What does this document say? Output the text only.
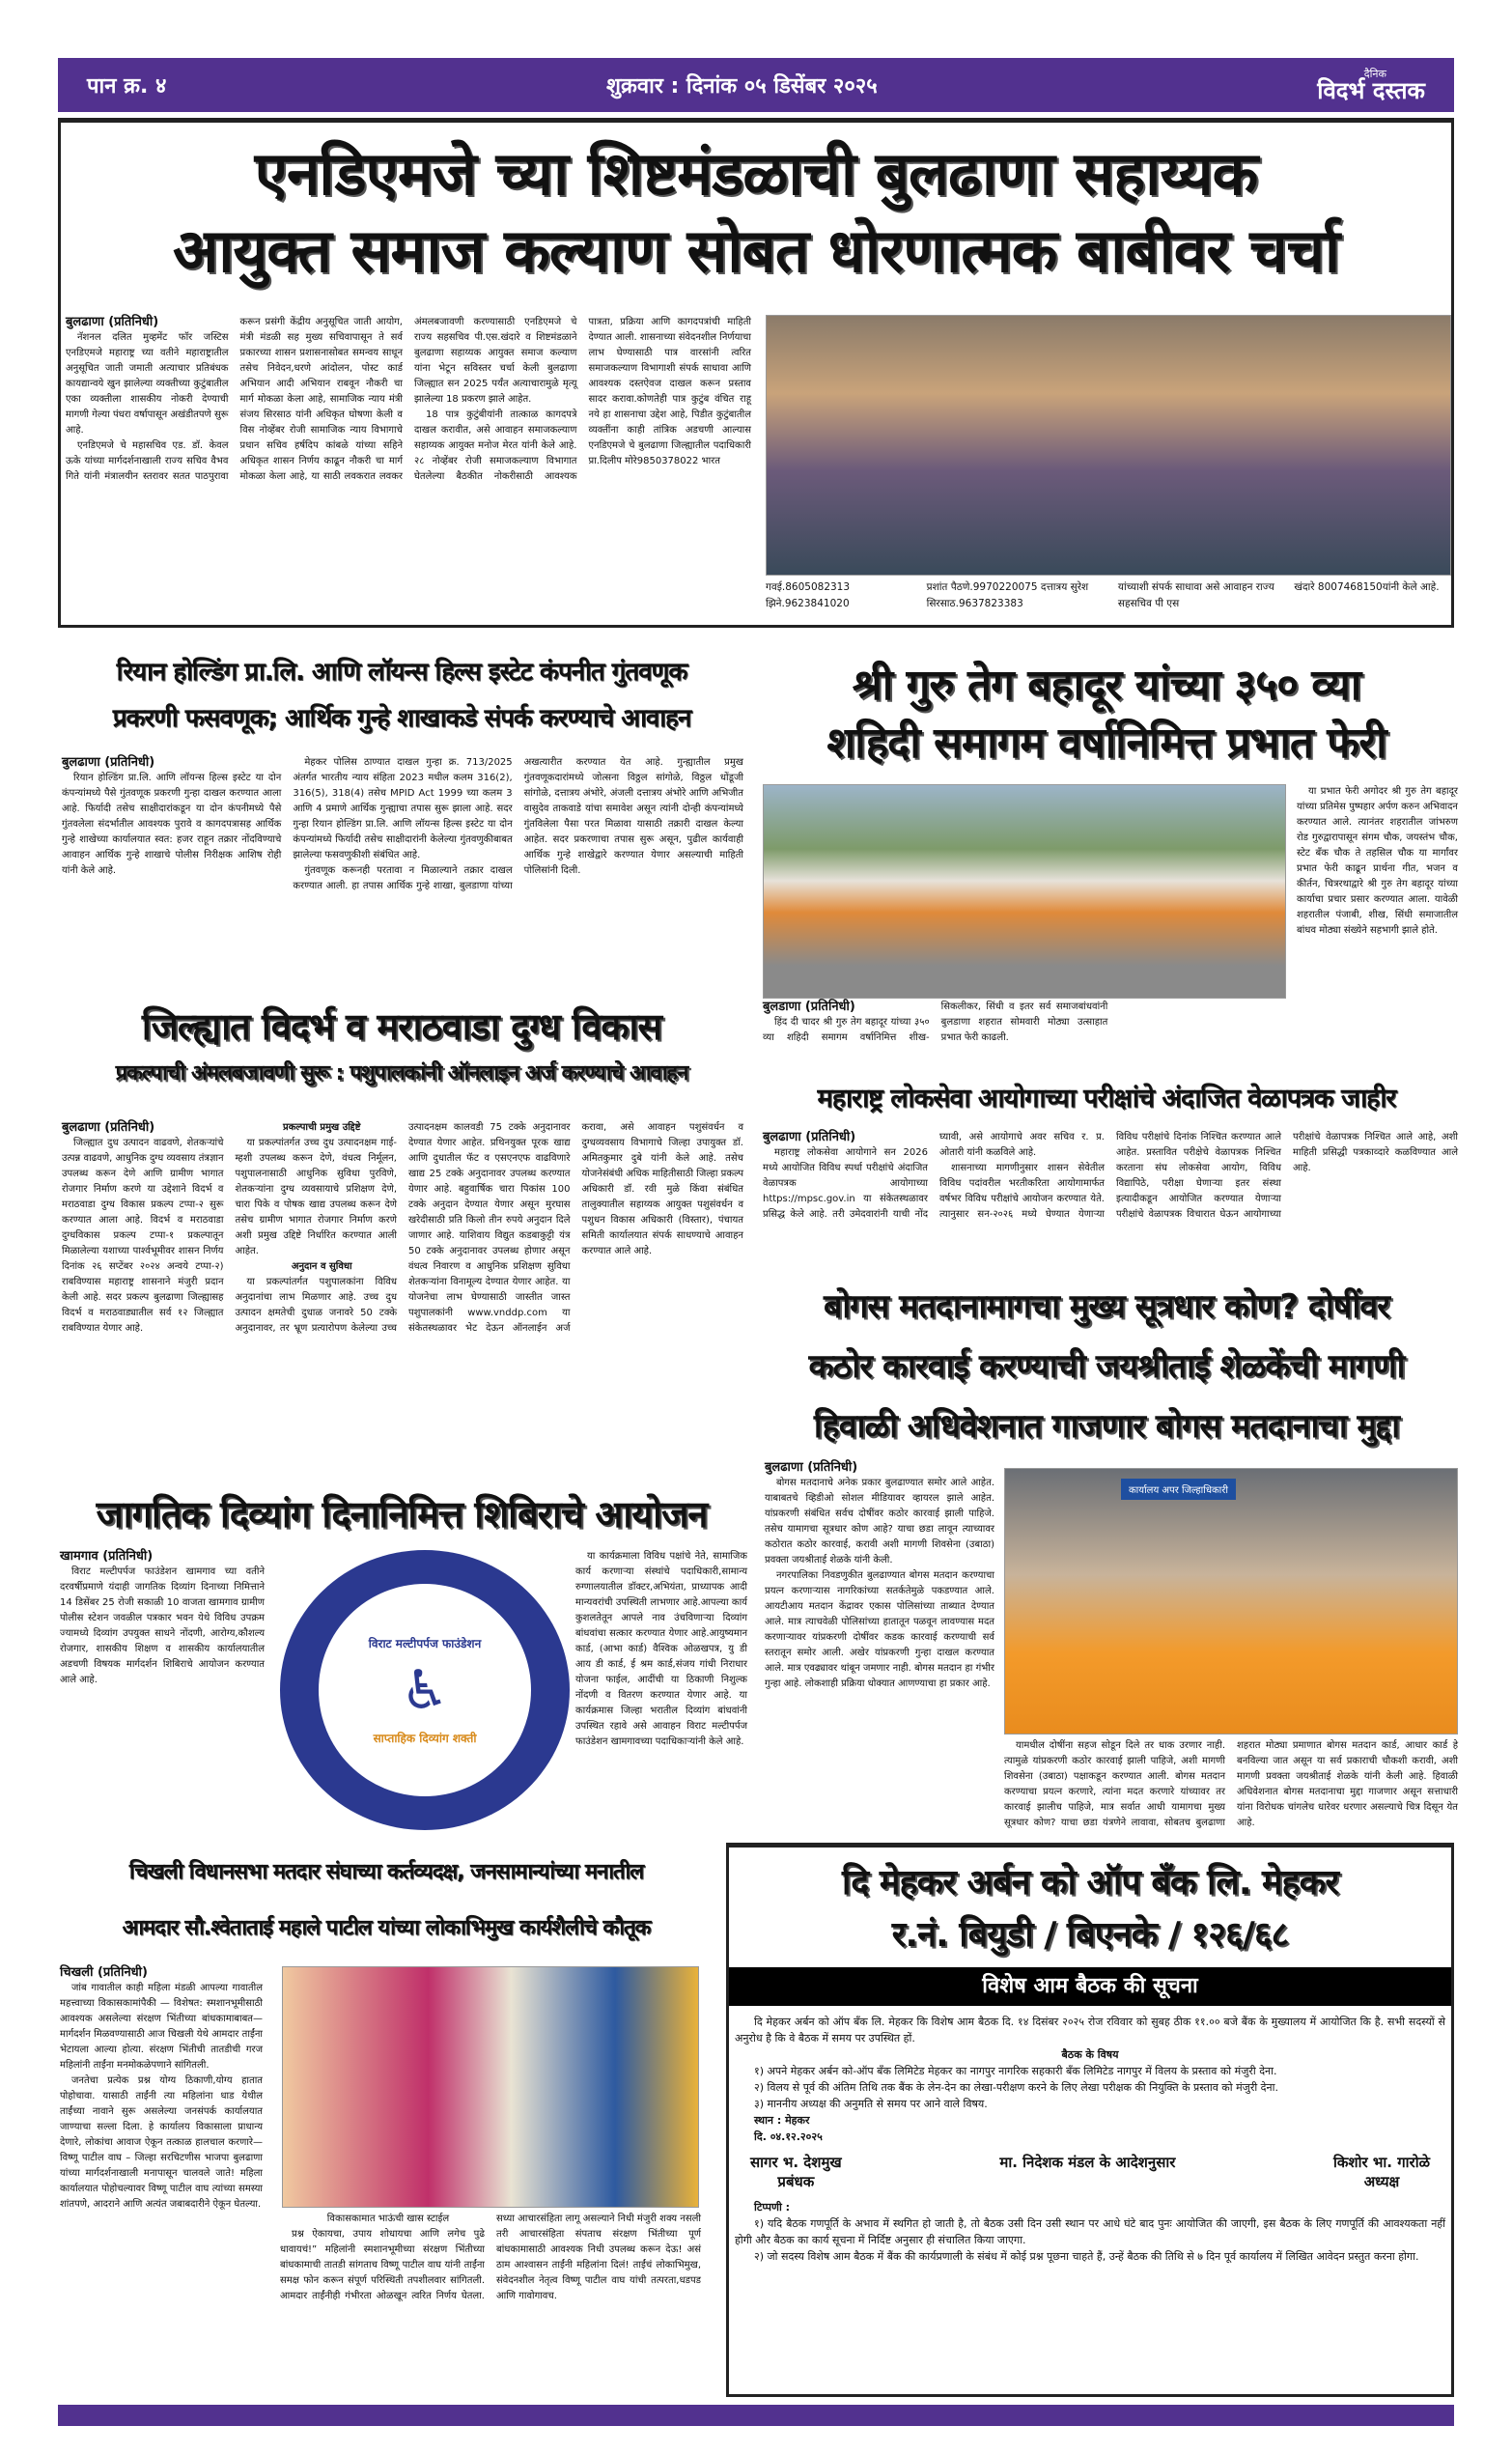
पान क्र. ४	शुक्रवार : दिनांक ०५ डिसेंबर २०२५
दैनिक
विदर्भ दस्तक
एनडिएमजे च्या शिष्टमंडळाची बुलढाणा सहाय्यक
आयुक्त समाज कल्याण सोबत धोरणात्मक बाबीवर चर्चा

बुलढाणा (प्रतिनिधी)

नॅशनल दलित मुव्हमेंट फॉर जस्टिस एनडिएमजे महाराष्ट्र च्या वतीने महाराष्ट्रातील अनुसूचित जाती जमाती अत्याचार प्रतिबंधक कायद्यान्वये खुन झालेल्या व्यक्तीच्या कुटुंबातील एका व्यक्तीला शासकीय नोकरी देण्याची मागणी गेल्या पंधरा वर्षापासून अखंडीतपणे सुरू आहे.

एनडिएमजे चे महासचिव एड. डॉ. केवल ऊके यांच्या मार्गदर्शनाखाली राज्य सचिव वैभव गिते यांनी मंत्रालयीन स्तरावर सतत पाठपुरावा करून प्रसंगी केंद्रीय अनुसूचित जाती आयोग, मंत्री मंडळी सह मुख्य सचिवापासून ते सर्व प्रकारच्या शासन प्रशासनासोबत समन्वय साधून तसेच निवेदन,धरणे आंदोलन, पोस्ट कार्ड अभियान आदी अभियान राबवून नौकरी चा मार्ग मोकळा केला आहे, सामाजिक न्याय मंत्री संजय सिरसाठ यांनी अधिकृत घोषणा केली व विस नोव्हेंबर रोजी सामाजिक न्याय विभागाचे प्रधान सचिव हर्षदिप कांबळे यांच्या सहिने अधिकृत शासन निर्णय काढून नौकरी चा मार्ग मोकळा केला आहे, या साठी लवकरात लवकर अंमलबजावणी करण्यासाठी एनडिएमजे चे राज्य सहसचिव पी.एस.खंदारे व शिष्टमंडळाने बुलढाणा सहाय्यक आयुक्त समाज कल्याण यांना भेटून सविस्तर चर्चा केली बुलढाणा जिल्ह्यात सन 2025 पर्यंत अत्याचारामुळे मृत्यू झालेल्या 18 प्रकरण झाले आहेत.

18 पात्र कुटुंबीयांनी तात्काळ कागदपत्रे दाखल करावीत, असे आवाहन समाजकल्याण सहाय्यक आयुक्त मनोज मेरत यांनी केले आहे. २८ नोव्हेंबर रोजी समाजकल्याण विभागात घेतलेल्या बैठकीत नोकरीसाठी आवश्यक पात्रता, प्रक्रिया आणि कागदपत्रांची माहिती देण्यात आली. शासनाच्या संवेदनशील निर्णयाचा लाभ घेण्यासाठी पात्र वारसांनी त्वरित समाजकल्याण विभागाशी संपर्क साधावा आणि आवश्यक दस्तऐवज दाखल करून प्रस्ताव सादर करावा.कोणतेही पात्र कुटुंब वंचित राहू नये हा शासनाचा उद्देश आहे, पिडीत कुटुंबातील व्यक्तींना काही तांत्रिक अडचणी आल्यास एनडिएमजे चे बुलढाणा जिल्ह्यातील पदाधिकारी प्रा.दिलीप मोरे9850378022 भारत

गवई.8605082313 झिने.9623841020
प्रशांत पैठणे.9970220075 दत्तात्रय सुरेश सिरसाठ.9637823383
यांच्याशी संपर्क साधावा असे आवाहन राज्य सहसचिव पी एस
खंदारे 8007468150यांनी केले आहे.
रियान होल्डिंग प्रा.लि. आणि लॉयन्स हिल्स इस्टेट कंपनीत गुंतवणूक
प्रकरणी फसवणूक; आर्थिक गुन्हे शाखाकडे संपर्क करण्याचे आवाहन

बुलढाणा (प्रतिनिधी)

रियान होल्डिंग प्रा.लि. आणि लॉयन्स हिल्स इस्टेट या दोन कंपन्यांमध्ये पैसे गुंतवणूक प्रकरणी गुन्हा दाखल करण्यात आला आहे. फिर्यादी तसेच साक्षीदारांकडून या दोन कंपनीमध्ये पैसे गुंतवलेला संदर्भातील आवश्यक पुरावे व कागदपत्रासह आर्थिक गुन्हे शाखेच्या कार्यालयात स्वत: हजर राहून तक्रार नोंदविण्याचे आवाहन आर्थिक गुन्हे शाखाचे पोलीस निरीक्षक आशिष रोही यांनी केले आहे.

मेहकर पोलिस ठाण्यात दाखल गुन्हा क्र. 713/2025 अंतर्गत भारतीय न्याय संहिता 2023 मधील कलम 316(2), 316(5), 318(4) तसेच MPID Act 1999 च्या कलम 3 आणि 4 प्रमाणे आर्थिक गुन्ह्याचा तपास सुरू झाला आहे. सदर गुन्हा रियान होल्डिंग प्रा.लि. आणि लॉयन्स हिल्स इस्टेट या दोन कंपन्यांमध्ये फिर्यादी तसेच साक्षीदारांनी केलेल्या गुंतवणुकीबाबत झालेल्या फसवणुकीशी संबंधित आहे.

गुंतवणूक करूनही परतावा न मिळाल्याने तक्रार दाखल करण्यात आली. हा तपास आर्थिक गुन्हे शाखा, बुलडाणा यांच्या अखत्यारीत करण्यात येत आहे. गुन्ह्यातील प्रमुख गुंतवणूकदारांमध्ये जोत्सना विठ्ठल सांगोळे, विठ्ठल धोंडूजी सांगोळे, दत्तात्रय अंभोरे, अंजली दत्तात्रय अंभोरे आणि अभिजीत वासुदेव ताकवाडे यांचा समावेश असून त्यांनी दोन्ही कंपन्यांमध्ये गुंतविलेला पैसा परत मिळावा यासाठी तक्रारी दाखल केल्या आहेत. सदर प्रकरणाचा तपास सुरू असून, पुढील कार्यवाही आर्थिक गुन्हे शाखेद्वारे करण्यात येणार असल्याची माहिती पोलिसांनी दिली.

श्री गुरु तेग बहादूर यांच्या ३५० व्या
शहिदी समागम वर्षानिमित्त प्रभात फेरी

बुलडाणा (प्रतिनिधी)

हिंद दी चादर श्री गुरु तेग बहादूर यांच्या ३५० व्या शहिदी समागम वर्षानिमित्त शीख-सिकलीकर, सिंधी व इतर सर्व समाजबांधवांनी बुलडाणा शहरात सोमवारी मोठ्या उत्साहात प्रभात फेरी काढली.

या प्रभात फेरी अगोदर श्री गुरु तेग बहादूर यांच्या प्रतिमेस पुष्पहार अर्पण करुन अभिवादन करण्यात आले. त्यानंतर शहरातील जांभरुण रोड गुरुद्वारापासून संगम चौक, जयस्तंभ चौक, स्टेट बँक चौक ते तहसिल चौक या मार्गांवर प्रभात फेरी काढून प्रार्थना गीत, भजन व कीर्तन, चित्ररथाद्वारे श्री गुरु तेग बहादूर यांच्या कार्याचा प्रचार प्रसार करण्यात आला. यावेळी शहरातील पंजाबी, शीख, सिंधी समाजातील बांधव मोठ्या संख्येने सहभागी झाले होते.

जिल्ह्यात विदर्भ व मराठवाडा दुग्ध विकास
प्रकल्पाची अंमलबजावणी सुरू : पशुपालकांनी ऑनलाइन अर्ज करण्याचे आवाहन

बुलढाणा (प्रतिनिधी)

जिल्ह्यात दुध उत्पादन वाढवणे, शेतकऱ्यांचे उत्पन्न वाढवणे, आधुनिक दुग्ध व्यवसाय तंत्रज्ञान उपलब्ध करून देणे आणि ग्रामीण भागात रोजगार निर्माण करणे या उद्देशाने विदर्भ व मराठवाडा दुग्ध विकास प्रकल्प टप्पा-२ सुरू करण्यात आला आहे. विदर्भ व मराठवाडा दुग्धविकास प्रकल्प टप्पा-१ प्रकल्पातून मिळालेल्या यशाच्या पार्श्वभूमीवर शासन निर्णय दिनांक २६ सप्टेंबर २०२४ अन्वये टप्पा-२) राबविण्यास महाराष्ट्र शासनाने मंजुरी प्रदान केली आहे. सदर प्रकल्प बुलढाणा जिल्ह्यासह विदर्भ व मराठवाड्यातील सर्व १२ जिल्ह्यात राबविण्यात येणार आहे.

प्रकल्पाची प्रमुख उद्दिष्टे

या प्रकल्पांतर्गत उच्च दुध उत्पादनक्षम गाई-म्हशी उपलब्ध करून देणे, वंधत्व निर्मूलन, पशुपालनासाठी आधुनिक सुविधा पुरविणे, शेतकऱ्यांना दुग्ध व्यवसायाचे प्रशिक्षण देणे, चारा पिके व पोषक खाद्य उपलब्ध करून देणे तसेच ग्रामीण भागात रोजगार निर्माण करणे अशी प्रमुख उद्दिष्टे निर्धारित करण्यात आली आहेत.

अनुदान व सुविधा

या प्रकल्पांतर्गत पशुपालकांना विविध अनुदानांचा लाभ मिळणार आहे. उच्च दुध उत्पादन क्षमतेची दुधाळ जनावरे 50 टक्के अनुदानावर, तर भ्रूण प्रत्यारोपण केलेल्या उच्च उत्पादनक्षम कालवडी 75 टक्के अनुदानावर देण्यात येणार आहेत. प्रथिनयुक्त पूरक खाद्य आणि दुधातील फॅट व एसएनएफ वाढविणारे खाद्य 25 टक्के अनुदानावर उपलब्ध करण्यात येणार आहे. बहुवार्षिक चारा पिकांस 100 टक्के अनुदान देण्यात येणार असून मुरघास खरेदीसाठी प्रति किलो तीन रुपये अनुदान दिले जाणार आहे. याशिवाय विद्युत कडबाकुट्टी यंत्र 50 टक्के अनुदानावर उपलब्ध होणार असून वंधत्व निवारण व आधुनिक प्रशिक्षण सुविधा शेतकऱ्यांना विनामूल्य देण्यात येणार आहेत. या योजनेचा लाभ घेण्यासाठी जास्तीत जास्त पशुपालकांनी www.vnddp.com या संकेतस्थळावर भेट देऊन ऑनलाईन अर्ज करावा, असे आवाहन पशुसंवर्धन व दुग्धव्यवसाय विभागाचे जिल्हा उपायुक्त डॉ. अमितकुमार दुबे यांनी केले आहे. तसेच योजनेसंबंधी अधिक माहितीसाठी जिल्हा प्रकल्प अधिकारी डॉ. रवी मुळे किंवा संबंधित तालुक्यातील सहाय्यक आयुक्त पशुसंवर्धन व पशुधन विकास अधिकारी (विस्तार), पंचायत समिती कार्यालयात संपर्क साधण्याचे आवाहन करण्यात आले आहे.

महाराष्ट्र लोकसेवा आयोगाच्या परीक्षांचे अंदाजित वेळापत्रक जाहीर

बुलढाणा (प्रतिनिधी)

महाराष्ट्र लोकसेवा आयोगाने सन 2026 मध्ये आयोजित विविध स्पर्धा परीक्षांचे अंदाजित वेळापत्रक आयोगाच्या https://mpsc.gov.in या संकेतस्थळावर प्रसिद्ध केले आहे. तरी उमेदवारांनी याची नोंद घ्यावी, असे आयोगाचे अवर सचिव र. प्र. ओतारी यांनी कळविले आहे.

शासनाच्या मागणीनुसार शासन सेवेतील विविध पदांवरील भरतीकरिता आयोगामार्फत वर्षभर विविध परीक्षांचे आयोजन करण्यात येते. त्यानुसार सन-२०२६ मध्ये घेण्यात येणाऱ्या विविध परीक्षांचे दिनांक निश्चित करण्यात आले आहेत. प्रस्तावित परीक्षेचे वेळापत्रक निश्चित करताना संघ लोकसेवा आयोग, विविध विद्यापिठे, परीक्षा घेणाऱ्या इतर संस्था इत्यादीकडून आयोजित करण्यात येणाऱ्या परीक्षांचे वेळापत्रक विचारात घेऊन आयोगाच्या परीक्षांचे वेळापत्रक निश्चित आले आहे, अशी माहिती प्रसिद्धी पत्रकाव्दारे कळविण्यात आले आहे.

बोगस मतदानामागचा मुख्य सूत्रधार कोण? दोषींवर
कठोर कारवाई करण्याची जयश्रीताई शेळकेंची मागणी
हिवाळी अधिवेशनात गाजणार बोगस मतदानाचा मुद्दा

बुलढाणा (प्रतिनिधी)

बोगस मतदानाचे अनेक प्रकार बुलढाण्यात समोर आले आहेत. याबाबतचे व्हिडीओ सोशल मीडियावर व्हायरल झाले आहेत. यांप्रकरणी संबंधित सर्वच दोषींवर कठोर कारवाई झाली पाहिजे. तसेच यामागचा सूत्रधार कोण आहे? याचा छडा लावून त्याच्यावर कठोरात कठोर कारवाई, करावी अशी मागणी शिवसेना (उबाठा) प्रवक्ता जयश्रीताई शेळके यांनी केली.

नगरपालिका निवडणुकीत बुलढाण्यात बोगस मतदान करण्याचा प्रयत्न करणाऱ्यास नागरिकांच्या सतर्कतेमुळे पकडण्यात आले. आयटीआय मतदान केंद्रावर एकास पोलिसांच्या ताब्यात देण्यात आले. मात्र त्याचवेळी पोलिसांच्या हातातून पळवून लावण्यास मदत करणाऱ्यावर यांप्रकरणी दोषींवर कडक कारवाई करण्याची सर्व स्तरातून समोर आली. अखेर यांप्रकरणी गुन्हा दाखल करण्यात आले. मात्र एवढ्यावर थांबून जमणार नाही. बोगस मतदान हा गंभीर गुन्हा आहे. लोकशाही प्रक्रिया धोक्यात आणण्याचा हा प्रकार आहे.

कार्यालय अपर जिल्हाधिकारी

यामधील दोषींना सहज सोडून दिले तर धाक उरणार नाही. त्यामुळे यांप्रकरणी कठोर कारवाई झाली पाहिजे, अशी मागणी शिवसेना (उबाठा) पक्षाकडून करण्यात आली. बोगस मतदान करण्याचा प्रयत्न करणारे, त्यांना मदत करणारे यांच्यावर तर कारवाई झालीच पाहिजे, मात्र सर्वात आधी यामागचा मुख्य सूत्रधार कोण? याचा छडा यंत्रणेने लावावा, सोबतच बुलढाणा शहरात मोठ्या प्रमाणात बोगस मतदान कार्ड, आधार कार्ड हे बनविल्या जात असून या सर्व प्रकाराची चौकशी करावी, अशी मागणी प्रवक्ता जयश्रीताई शेळके यांनी केली आहे. हिवाळी अधिवेशनात बोगस मतदानाचा मुद्दा गाजणार असून सत्ताधारी यांना विरोधक चांगलेच धारेवर धरणार असल्याचे चित्र दिसून येत आहे.

जागतिक दिव्यांग दिनानिमित्त शिबिराचे आयोजन

खामगाव (प्रतिनिधी)

विराट मल्टीपर्पज फाउंडेशन खामगाव च्या वतीने दरवर्षीप्रमाणे यंदाही जागतिक दिव्यांग दिनाच्या निमित्ताने 14 डिसेंबर 25 रोजी सकाळी 10 वाजता खामगाव ग्रामीण पोलीस स्टेशन जवळील पत्रकार भवन येथे विविध उपक्रम ज्यामध्ये दिव्यांग उपयुक्त साधने नोंदणी, आरोग्य,कौशल्य रोजगार, शासकीय शिक्षण व शासकीय कार्यालयातील अडचणी विषयक मार्गदर्शन शिबिराचे आयोजन करण्यात आले आहे.

विराट मल्टीपर्पज फाउंडेशन
♿
साप्ताहिक दिव्यांग शक्ती

या कार्यक्रमाला विविध पक्षांचे नेते, सामाजिक कार्य करणाऱ्या संस्थांचे पदाधिकारी,सामान्य रुग्णालयातील डॉक्टर,अभियंता, प्राध्यापक आदी मान्यवरांची उपस्थिती लाभणार आहे.आपल्या कार्य कुशलतेतून आपले नाव उंचविणाऱ्या दिव्यांग बांधवांचा सत्कार करण्यात येणार आहे.आयुष्यमान कार्ड, (आभा कार्ड) वैश्विक ओळखपत्र, यु डी आय डी कार्ड, ई श्रम कार्ड,संजय गांधी निराधार योजना फाईल, आदींची या ठिकाणी निशुल्क नोंदणी व वितरण करण्यात येणार आहे. या कार्यक्रमास जिल्हा भरातील दिव्यांग बांधवांनी उपस्थित रहावे असे आवाहन विराट मल्टीपर्पज फाउंडेशन खामगावच्या पदाधिकाऱ्यांनी केले आहे.

चिखली विधानसभा मतदार संघाच्या कर्तव्यदक्ष, जनसामान्यांच्या मनातील
आमदार सौ.श्वेताताई महाले पाटील यांच्या लोकाभिमुख कार्यशैलीचे कौतूक

चिखली (प्रतिनिधी)

जांब गावातील काही महिला मंडळी आपल्या गावातील महत्त्वाच्या विकासकामांपैकी — विशेषत: स्मशानभूमीसाठी आवश्यक असलेल्या संरक्षण भिंतीच्या बांधकामाबाबत— मार्गदर्शन मिळवण्यासाठी आज चिखली येथे आमदार ताईंना भेटायला आल्या होत्या. संरक्षण भिंतीची तातडीची गरज महिलांनी ताईंना मनमोकळेपणाने सांगितली.

जनतेचा प्रत्येक प्रश्न योग्य ठिकाणी,योग्य हातात पोहोचावा. यासाठी ताईंनी त्या महिलांना धाड येथील ताईंच्या नावाने सुरू असलेल्या जनसंपर्क कार्यालयात जाण्याचा सल्ला दिला. हे कार्यालय विकासाला प्राधान्य देणारे, लोकांचा आवाज ऐकून तत्काळ हालचाल करणारे—विष्णू पाटील वाघ – जिल्हा सरचिटणीस भाजपा बुलढाणा यांच्या मार्गदर्शनाखाली मनापासून चालवले जाते! महिला कार्यालयात पोहोचल्यावर विष्णू पाटील वाघ त्यांच्या समस्या शांतपणे, आदराने आणि अत्यंत जबाबदारीने ऐकून घेतल्या.

विकासकामात भाऊंची खास स्टाईल

प्रश्न ऐकायचा, उपाय शोधायचा आणि लगेच पुढे धावायचं!” महिलांनी स्मशानभूमीच्या संरक्षण भिंतीच्या बांधकामाची तातडी सांगताच विष्णू पाटील वाघ यांनी ताईंना समक्ष फोन करून संपूर्ण परिस्थिती तपशीलवार सांगितली. आमदार ताईंनीही गंभीरता ओळखून त्वरित निर्णय घेतला. सध्या आचारसंहिता लागू असल्याने निधी मंजुरी शक्य नसली तरी आचारसंहिता संपताच संरक्षण भिंतीच्या पूर्ण बांधकामासाठी आवश्यक निधी उपलब्ध करून देऊ! असं ठाम आश्वासन ताईंनी महिलांना दिलं! ताईंचं लोकाभिमुख, संवेदनशील नेतृत्व विष्णू पाटील वाघ यांची तत्परता,धडपड आणि गावोगावच.

दि मेहकर अर्बन को ऑप बँक लि. मेहकर
र.नं. बियुडी / बिएनके / १२६/६८
विशेष आम बैठक की सूचना

दि मेहकर अर्बन को ऑप बँक लि. मेहकर कि विशेष आम बैठक दि. १४ दिसंबर २०२५ रोज रविवार को सुबह ठीक ११.०० बजे बैंक के मुख्यालय में आयोजित कि है. सभी सदस्यों से अनुरोध है कि वे बैठक में समय पर उपस्थित हों.

बैठक के विषय

१) अपने मेहकर अर्बन को-ऑप बँक लिमिटेड मेहकर का नागपुर नागरिक सहकारी बँक लिमिटेड नागपुर में विलय के प्रस्ताव को मंजुरी देना.

२) विलय से पूर्व की अंतिम तिथि तक बैंक के लेन-देन का लेखा-परीक्षण करने के लिए लेखा परीक्षक की नियुक्ति के प्रस्ताव को मंजुरी देना.

३) माननीय अध्यक्ष की अनुमति से समय पर आने वाले विषय.

स्थान : मेहकर

दि. ०४.१२.२०२५

सागर भ. देशमुख
प्रबंधक
मा. निदेशक मंडल के आदेशनुसार	किशोर भा. गारोळे
अध्यक्ष

टिप्पणी :

१) यदि बैठक गणपूर्ति के अभाव में स्थगित हो जाती है, तो बैठक उसी दिन उसी स्थान पर आधे घंटे बाद पुनः आयोजित की जाएगी, इस बैठक के लिए गणपूर्ति की आवश्यकता नहीं होगी और बैठक का कार्य सूचना में निर्दिष्ट अनुसार ही संचालित किया जाएगा.

२) जो सदस्य विशेष आम बैठक में बैंक की कार्यप्रणाली के संबंध में कोई प्रश्न पूछना चाहते हैं, उन्हें बैठक की तिथि से ७ दिन पूर्व कार्यालय में लिखित आवेदन प्रस्तुत करना होगा.
